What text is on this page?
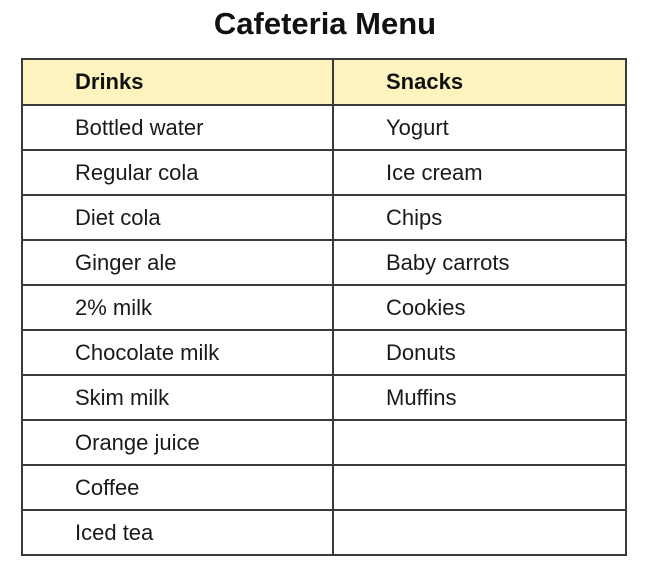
Cafeteria Menu
Drinks	Snacks
Bottled water	Yogurt
Regular cola	Ice cream
Diet cola	Chips
Ginger ale	Baby carrots
2% milk	Cookies
Chocolate milk	Donuts
Skim milk	Muffins
Orange juice	
Coffee	
Iced tea	
